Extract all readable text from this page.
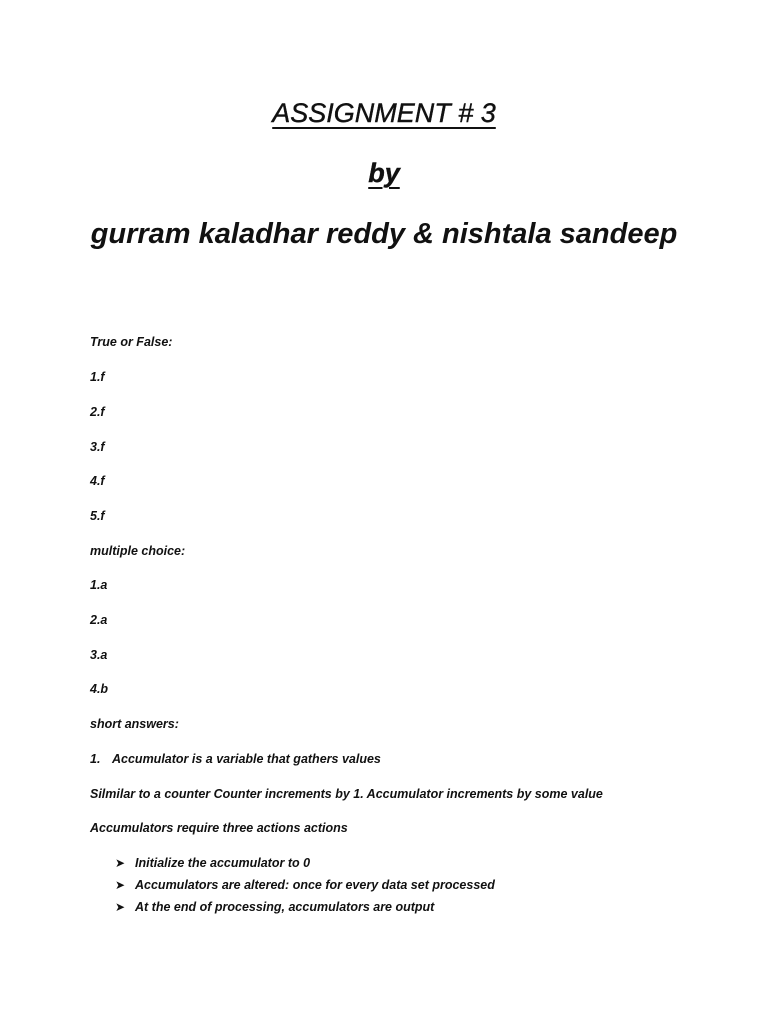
ASSIGNMENT # 3
by
gurram kaladhar reddy & nishtala sandeep
True or False:
1.f
2.f
3.f
4.f
5.f
multiple choice:
1.a
2.a
3.a
4.b
short answers:
1. Accumulator is a variable that gathers values
Silmilar to a counter Counter increments by 1. Accumulator increments by some value
Accumulators require three actions actions
➤ Initialize the accumulator to 0
➤ Accumulators are altered: once for every data set processed
➤ At the end of processing, accumulators are output
